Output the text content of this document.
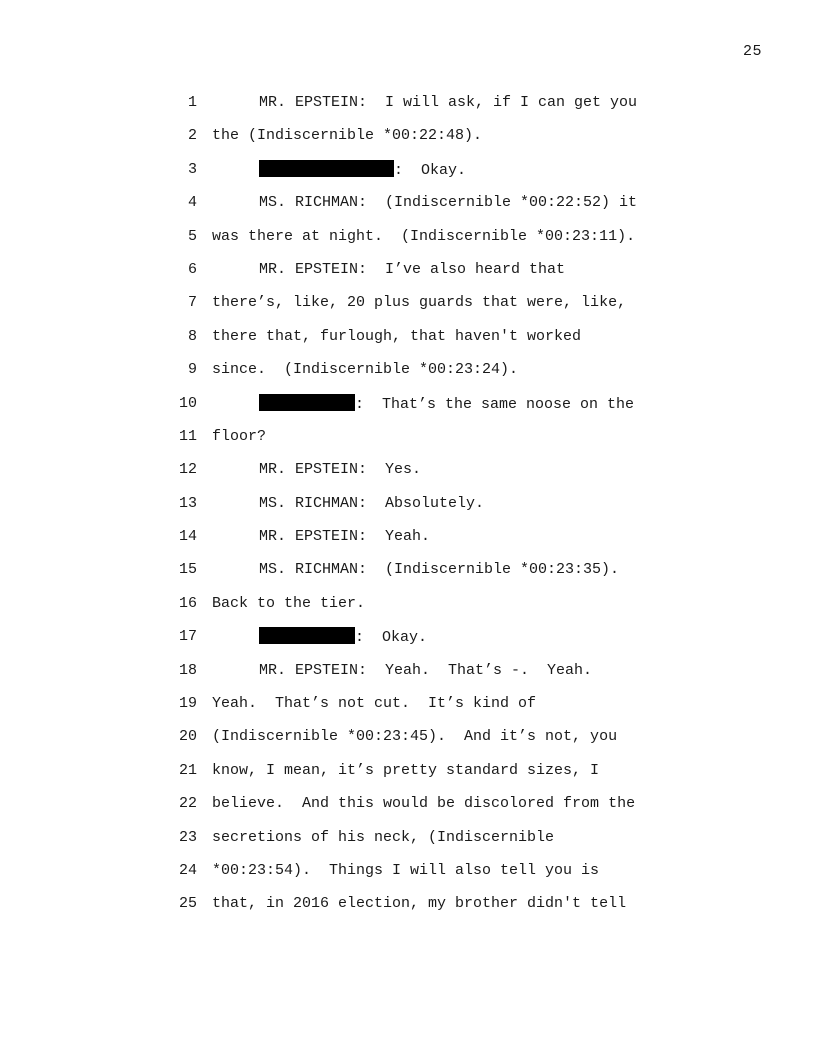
25

1

	MR. EPSTEIN:  I will ask, if I can get you

2

the (Indiscernible *00:22:48).

3

	:  Okay.

4

	MS. RICHMAN:  (Indiscernible *00:22:52) it

5

was there at night.  (Indiscernible *00:23:11).

6

	MR. EPSTEIN:  I’ve also heard that

7

there’s, like, 20 plus guards that were, like,

8

there that, furlough, that haven't worked

9

since.  (Indiscernible *00:23:24).

10

	:  That’s the same noose on the

11

floor?

12

	MR. EPSTEIN:  Yes.

13

	MS. RICHMAN:  Absolutely.

14

	MR. EPSTEIN:  Yeah.

15

	MS. RICHMAN:  (Indiscernible *00:23:35).

16

Back to the tier.

17

	:  Okay.

18

	MR. EPSTEIN:  Yeah.  That’s -.  Yeah.

19

Yeah.  That’s not cut.  It’s kind of

20

(Indiscernible *00:23:45).  And it’s not, you

21

know, I mean, it’s pretty standard sizes, I

22

believe.  And this would be discolored from the

23

secretions of his neck, (Indiscernible

24

*00:23:54).  Things I will also tell you is

25

that, in 2016 election, my brother didn't tell
